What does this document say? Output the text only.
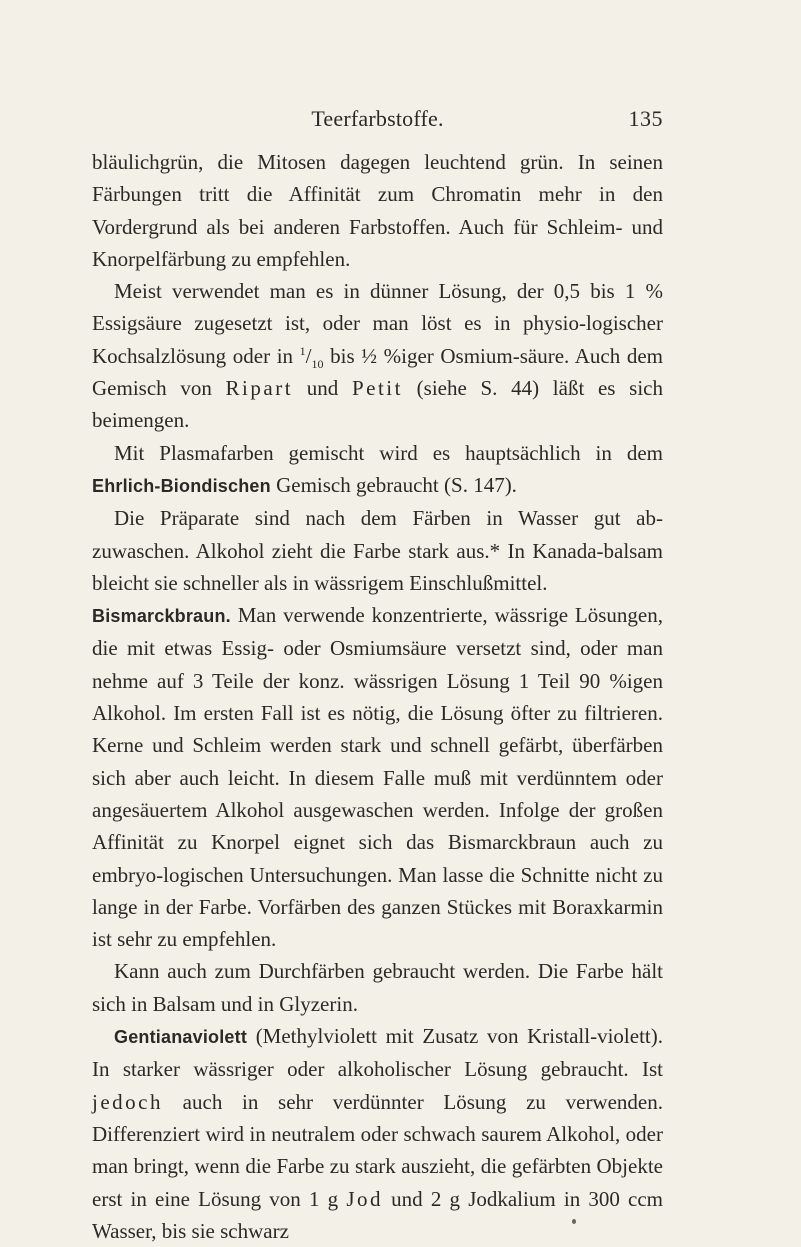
Teerfarbstoffe.	135

bläulichgrün, die Mitosen dagegen leuchtend grün. In seinen Färbungen tritt die Affinität zum Chromatin mehr in den Vordergrund als bei anderen Farbstoffen. Auch für Schleim- und Knorpelfärbung zu empfehlen.

Meist verwendet man es in dünner Lösung, der 0,5 bis 1 % Essigsäure zugesetzt ist, oder man löst es in physio-logischer Kochsalzlösung oder in $^1/_{10}$ bis ½ %iger Osmium-säure. Auch dem Gemisch von Ripart und Petit (siehe S. 44) läßt es sich beimengen.

Mit Plasmafarben gemischt wird es hauptsächlich in dem Ehrlich-Biondischen Gemisch gebraucht (S. 147).

Die Präparate sind nach dem Färben in Wasser gut ab-zuwaschen. Alkohol zieht die Farbe stark aus.* In Kanada-balsam bleicht sie schneller als in wässrigem Einschlußmittel.

Bismarckbraun. Man verwende konzentrierte, wässrige Lösungen, die mit etwas Essig- oder Osmiumsäure versetzt sind, oder man nehme auf 3 Teile der konz. wässrigen Lösung 1 Teil 90 %igen Alkohol. Im ersten Fall ist es nötig, die Lösung öfter zu filtrieren. Kerne und Schleim werden stark und schnell gefärbt, überfärben sich aber auch leicht. In diesem Falle muß mit verdünntem oder angesäuertem Alkohol ausgewaschen werden. Infolge der großen Affinität zu Knorpel eignet sich das Bismarckbraun auch zu embryo-logischen Untersuchungen. Man lasse die Schnitte nicht zu lange in der Farbe. Vorfärben des ganzen Stückes mit Boraxkarmin ist sehr zu empfehlen.

Kann auch zum Durchfärben gebraucht werden. Die Farbe hält sich in Balsam und in Glyzerin.

Gentianaviolett (Methylviolett mit Zusatz von Kristall-violett). In starker wässriger oder alkoholischer Lösung gebraucht. Ist jedoch auch in sehr verdünnter Lösung zu verwenden. Differenziert wird in neutralem oder schwach saurem Alkohol, oder man bringt, wenn die Farbe zu stark auszieht, die gefärbten Objekte erst in eine Lösung von 1 g Jod und 2 g Jodkalium in 300 ccm Wasser, bis sie schwarz
